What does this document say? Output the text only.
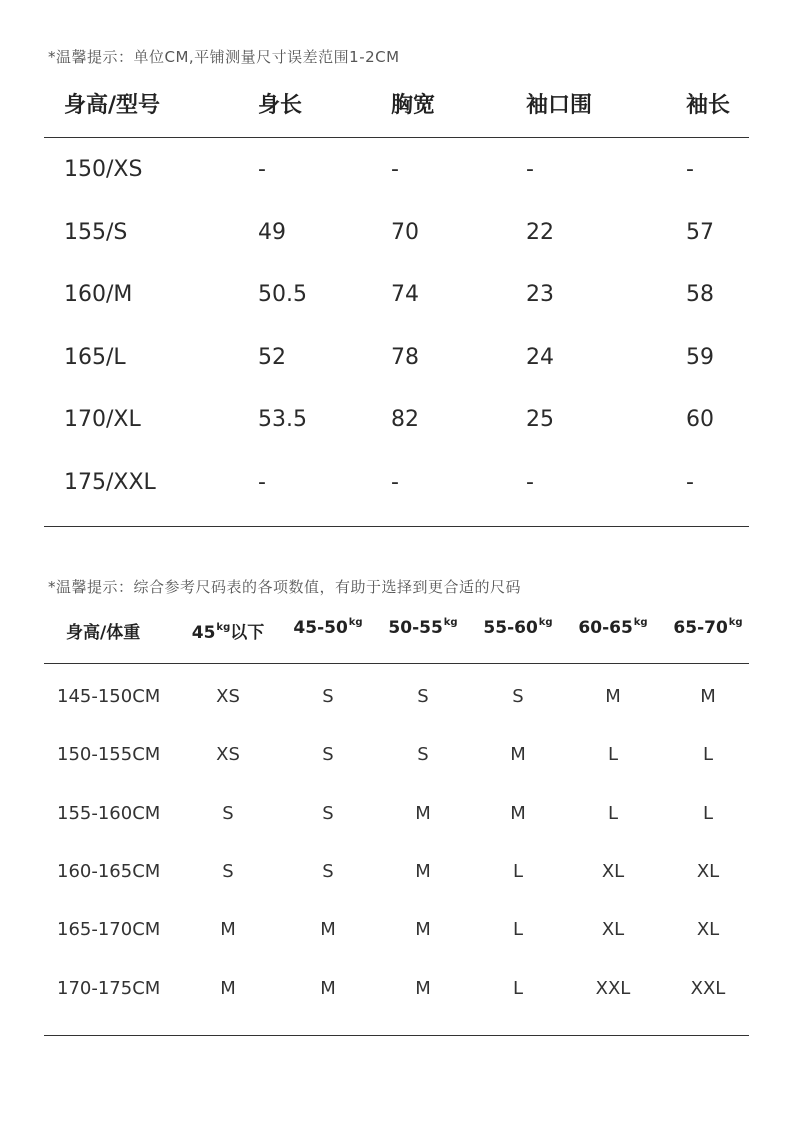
*温馨提示：单位CM,平铺测量尺寸误差范围1-2CM
身高/型号	身长	胸宽	袖口围	袖长
150/XS	-	-	-	-
155/S	49	70	22	57
160/M	50.5	74	23	58
165/L	52	78	24	59
170/XL	53.5	82	25	60
175/XXL	-	-	-	-
*温馨提示：综合参考尺码表的各项数值，有助于选择到更合适的尺码
身高/体重	$45^{kg}$以下 $45-50^{kg}$ $50-55^{kg}$ $55-60^{kg}$ $60-65^{kg}$ $65-70^{kg}$
145-150CM	XS	S	S	S	M	M
150-155CM	XS	S	S	M	L	L
155-160CM	S	S	M	M	L	L
160-165CM	S	S	M	L	XL	XL
165-170CM	M	M	M	L	XL	XL
170-175CM	M	M	M	L	XXL	XXL
